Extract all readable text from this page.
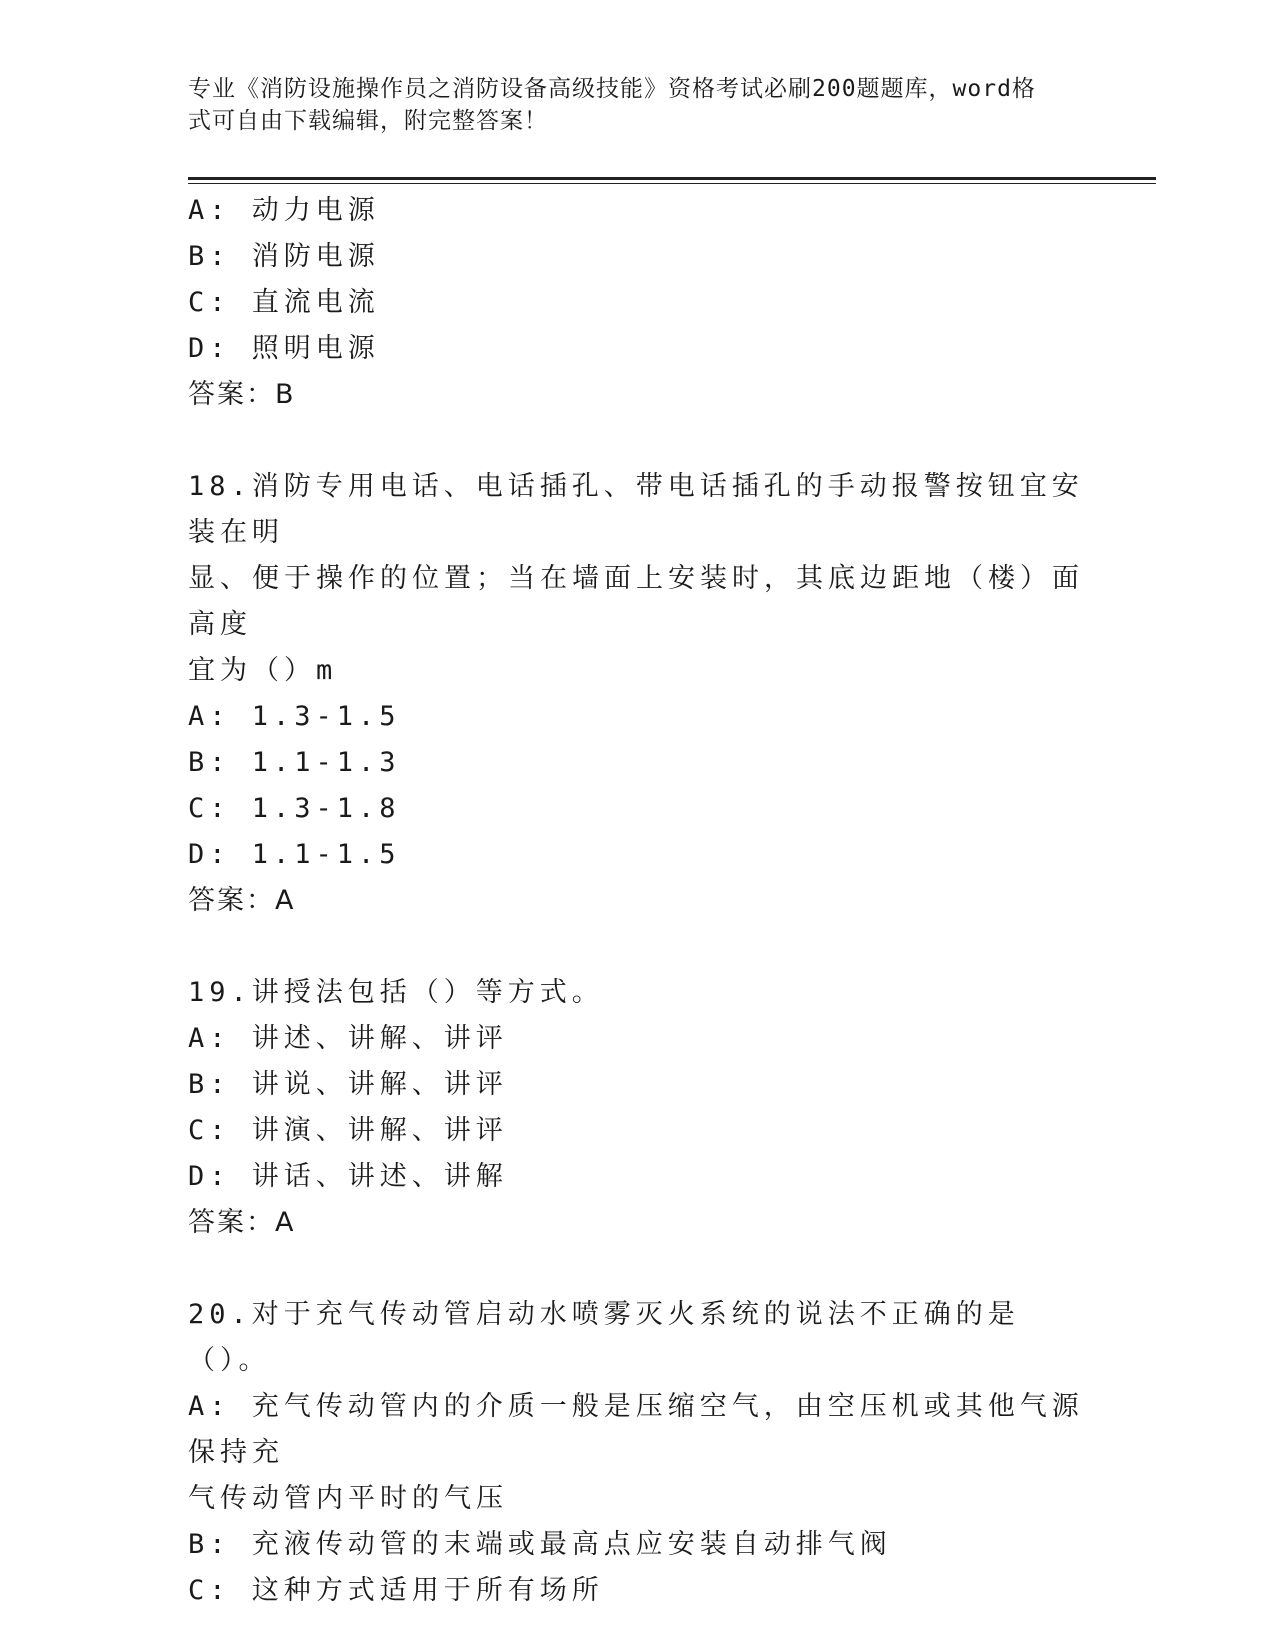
专业《消防设施操作员之消防设备高级技能》资格考试必刷200题题库，word格
式可自由下载编辑，附完整答案！
A: 动力电源
B: 消防电源
C: 直流电流
D: 照明电源
答案：B
18.消防专用电话、电话插孔、带电话插孔的手动报警按钮宜安装在明
显、便于操作的位置；当在墙面上安装时，其底边距地（楼）面高度
宜为（）m
A: 1.3-1.5
B: 1.1-1.3
C: 1.3-1.8
D: 1.1-1.5
答案：A
19.讲授法包括（）等方式。
A: 讲述、讲解、讲评
B: 讲说、讲解、讲评
C: 讲演、讲解、讲评
D: 讲话、讲述、讲解
答案：A
20.对于充气传动管启动水喷雾灭火系统的说法不正确的是（）。
A: 充气传动管内的介质一般是压缩空气，由空压机或其他气源保持充
气传动管内平时的气压
B: 充液传动管的末端或最高点应安装自动排气阀
C: 这种方式适用于所有场所
